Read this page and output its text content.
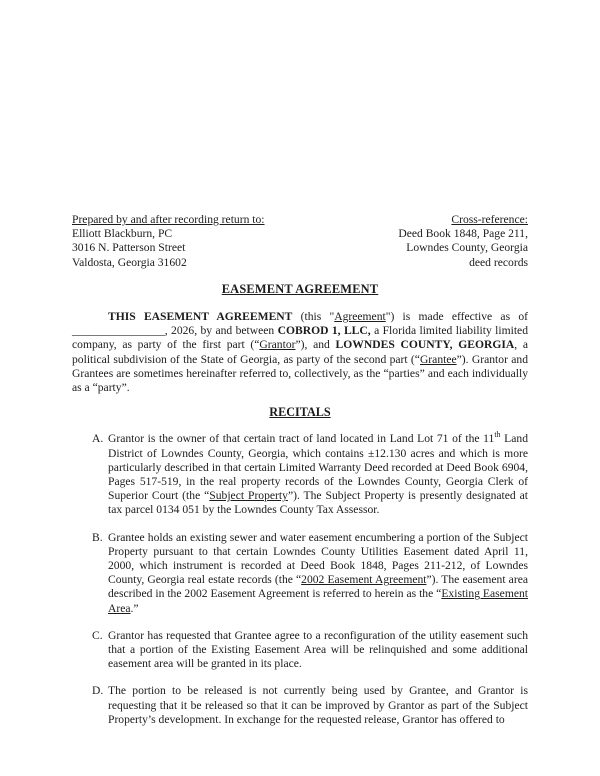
Prepared by and after recording return to:
Elliott Blackburn, PC
3016 N. Patterson Street
Valdosta, Georgia 31602
Cross-reference:
Deed Book 1848, Page 211,
Lowndes County, Georgia
deed records
EASEMENT AGREEMENT
THIS EASEMENT AGREEMENT (this "Agreement") is made effective as of ________________, 2026, by and between COBROD 1, LLC, a Florida limited liability limited company, as party of the first part (“Grantor”), and LOWNDES COUNTY, GEORGIA, a political subdivision of the State of Georgia, as party of the second part (“Grantee”). Grantor and Grantees are sometimes hereinafter referred to, collectively, as the “parties” and each individually as a “party”.
RECITALS
A. Grantor is the owner of that certain tract of land located in Land Lot 71 of the 11th Land District of Lowndes County, Georgia, which contains ±12.130 acres and which is more particularly described in that certain Limited Warranty Deed recorded at Deed Book 6904, Pages 517-519, in the real property records of the Lowndes County, Georgia Clerk of Superior Court (the “Subject Property”). The Subject Property is presently designated at tax parcel 0134 051 by the Lowndes County Tax Assessor.
B. Grantee holds an existing sewer and water easement encumbering a portion of the Subject Property pursuant to that certain Lowndes County Utilities Easement dated April 11, 2000, which instrument is recorded at Deed Book 1848, Pages 211-212, of Lowndes County, Georgia real estate records (the “2002 Easement Agreement”). The easement area described in the 2002 Easement Agreement is referred to herein as the “Existing Easement Area.”
C. Grantor has requested that Grantee agree to a reconfiguration of the utility easement such that a portion of the Existing Easement Area will be relinquished and some additional easement area will be granted in its place.
D. The portion to be released is not currently being used by Grantee, and Grantor is requesting that it be released so that it can be improved by Grantor as part of the Subject Property’s development. In exchange for the requested release, Grantor has offered to
